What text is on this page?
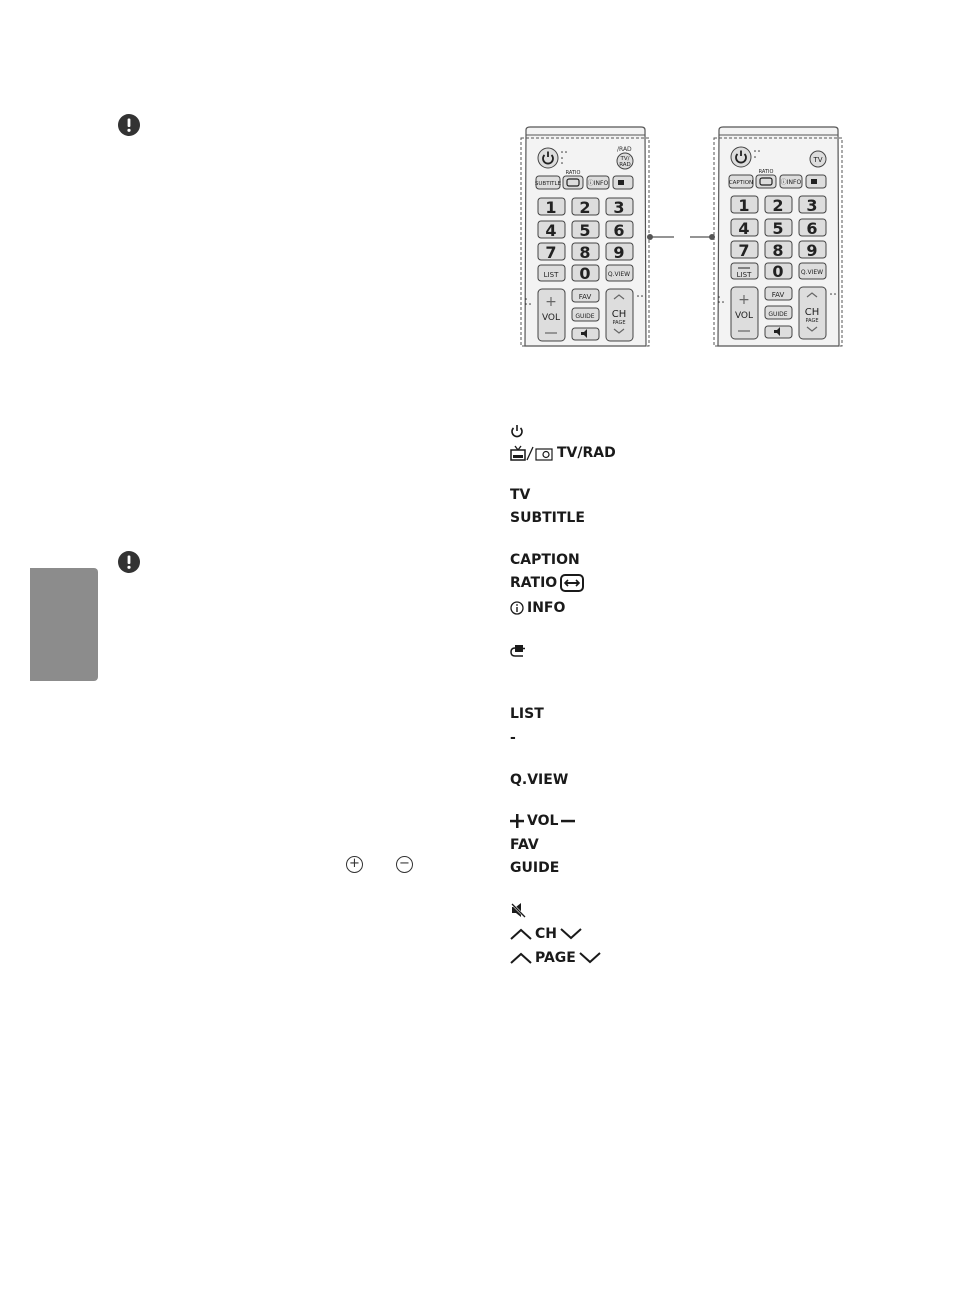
+	−
/RAD
TV/
RAD
SUBTITLE
RATIO
ⓘINFO
1 2 3
4 5 6
7 8 9
LIST 0	Q.VIEW
+
VOL
FAV
GUIDE CH
PAGE
TV
CAPTION
RATIO
ⓘINFO
1 2 3
4 5 6
7 8 9
LIST 0	Q.VIEW
+
VOL
FAV
GUIDE CH
PAGE
TV/RAD
TV
SUBTITLE
CAPTION
RATIO
INFO
LIST
-
Q.VIEW
VOL
FAV
GUIDE
CH
PAGE
